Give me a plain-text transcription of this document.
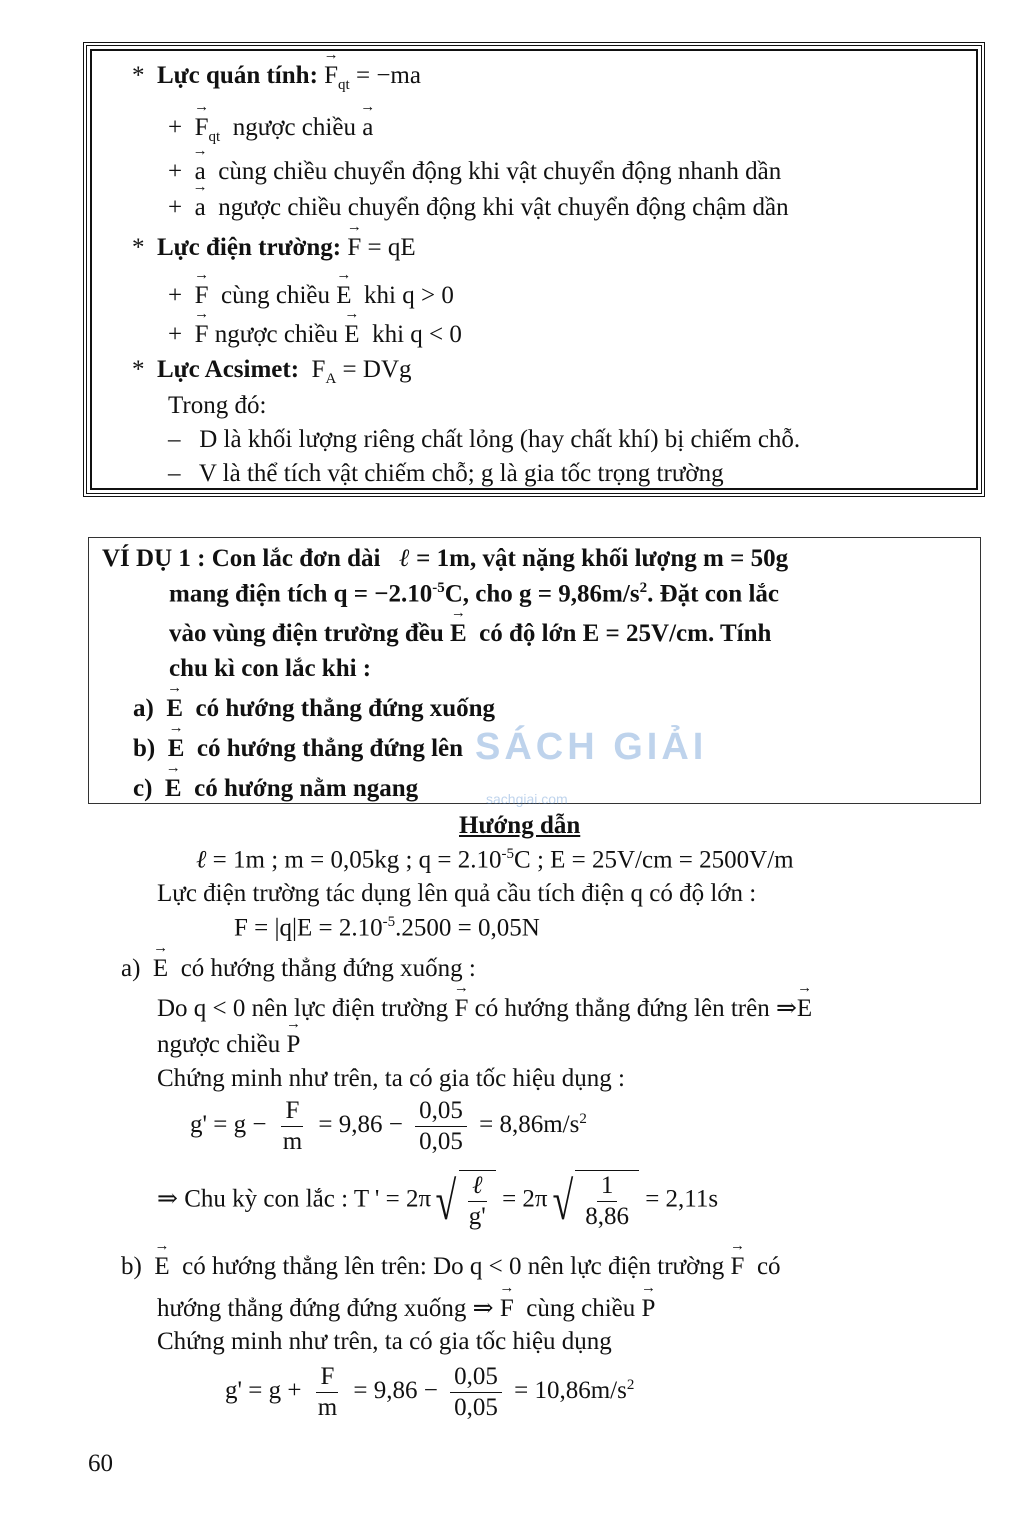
*  Lực quán tính: → $F_{qt} = -ma$
+  → $F_{qt}$ ngược chiều → a
+  → a cùng chiều chuyển động khi vật chuyển động nhanh dần
+  → a ngược chiều chuyển động khi vật chuyển động chậm dần
*  Lực điện trường: → F = qE
+  → F cùng chiều → E khi q > 0
+  → F ngược chiều → E khi q < 0
*  Lực Acsimet: $F_A$ = DVg
Trong đó:
–   D là khối lượng riêng chất lỏng (hay chất khí) bị chiếm chỗ.
–   V là thể tích vật chiếm chỗ; g là gia tốc trọng trường
VÍ DỤ 1 : Con lắc đơn dài ℓ = 1m, vật nặng khối lượng m = 50g
mang điện tích $q = -2.10^{-5}C$, cho $g = 9,86m/s^2$. Đặt con lắc
vào vùng điện trường đều → E có độ lớn E = 25V/cm. Tính
chu kì con lắc khi :
a)  → E có hướng thẳng đứng xuống
b)  → E có hướng thẳng đứng lên
c)  → E có hướng nằm ngang
SÁCH GIẢI
sachgiai.com
Hướng dẫn
ℓ = 1m ; m = 0,05kg ; $q = 2.10^{-5}C$ ; E = 25V/cm = 2500V/m
Lực điện trường tác dụng lên quả cầu tích điện q có độ lớn :
$F = |q|E = 2.10^{-5}.2500 = 0,05N$
a)  → E có hướng thẳng đứng xuống :
Do q < 0 nên lực điện trường → F có hướng thẳng đứng lên trên ⇒→ E
ngược chiều → P
Chứng minh như trên, ta có gia tốc hiệu dụng :
$g' = g - \frac{F}{m} = 9,86 - \frac{0,05}{0,05} = 8,86m/s^2$
⇒ Chu kỳ con lắc : T ' = 2π √ $\frac{\text{ℓ}}{g'} = 2\pi$ √ $\frac{1}{8,86} = 2,11s$
b)  → E có hướng thẳng lên trên: Do q < 0 nên lực điện trường → F có
hướng thẳng đứng đứng xuống ⇒ → F cùng chiều → P
Chứng minh như trên, ta có gia tốc hiệu dụng
$g' = g + \frac{F}{m} = 9,86 - \frac{0,05}{0,05} = 10,86m/s^2$
60
